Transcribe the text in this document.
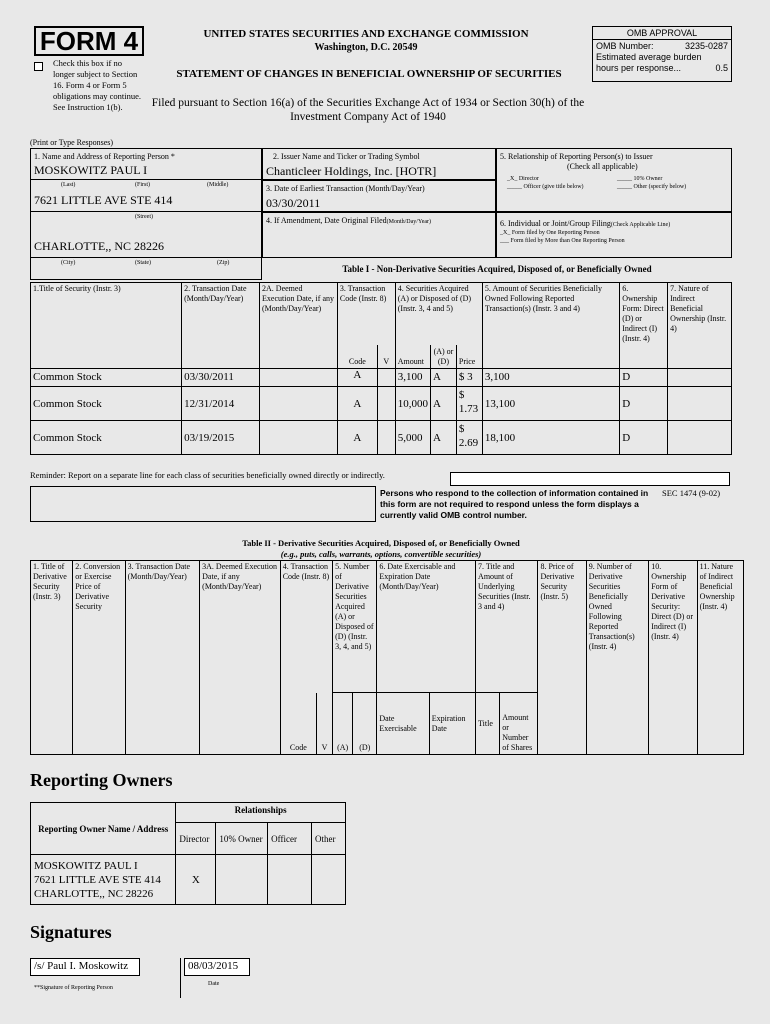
FORM 4
Check this box if no longer subject to Section 16. Form 4 or Form 5 obligations may continue. See Instruction 1(b).
UNITED STATES SECURITIES AND EXCHANGE COMMISSION
Washington, D.C. 20549
STATEMENT OF CHANGES IN BENEFICIAL OWNERSHIP OF SECURITIES
Filed pursuant to Section 16(a) of the Securities Exchange Act of 1934 or Section 30(h) of the Investment Company Act of 1940
OMB APPROVAL
OMB Number:	3235-0287
Estimated average burden
hours per response...	0.5
(Print or Type Responses)
1. Name and Address of Reporting Person *
MOSKOWITZ PAUL I
(Last)	(First)	(Middle)
7621 LITTLE AVE STE 414
(Street)
CHARLOTTE,, NC 28226
(City)	(State)	(Zip)
2. Issuer Name and Ticker or Trading Symbol
Chanticleer Holdings, Inc. [HOTR]
3. Date of Earliest Transaction (Month/Day/Year)
03/30/2011
4. If Amendment, Date Original Filed(Month/Day/Year)
5. Relationship of Reporting Person(s) to Issuer
(Check all applicable)
_X_ Director	_____ 10% Owner
_____ Officer (give title below)	_____ Other (specify below)
6. Individual or Joint/Group Filing(Check Applicable Line)
_X_ Form filed by One Reporting Person
___ Form filed by More than One Reporting Person
Table I - Non-Derivative Securities Acquired, Disposed of, or Beneficially Owned
1.Title of Security (Instr. 3)	2. Transaction Date (Month/Day/Year)	2A. Deemed Execution Date, if any (Month/Day/Year)	3. Transaction Code (Instr. 8)		4. Securities Acquired (A) or Disposed of (D) (Instr. 3, 4 and 5)			5. Amount of Securities Beneficially Owned Following Reported Transaction(s) (Instr. 3 and 4)	6. Ownership Form: Direct (D) or Indirect (I) (Instr. 4)	7. Nature of Indirect Beneficial Ownership (Instr. 4)
			Code	V	Amount	(A) or (D)	Price			
Common Stock	03/30/2011		A		3,100	A	$ 3	3,100	D	
Common Stock	12/31/2014		A		10,000	A	$ 1.73	13,100	D	
Common Stock	03/19/2015		A		5,000	A	$ 2.69	18,100	D	
Reminder: Report on a separate line for each class of securities beneficially owned directly or indirectly.
Persons who respond to the collection of information contained in this form are not required to respond unless the form displays a currently valid OMB control number.
SEC 1474 (9-02)
Table II - Derivative Securities Acquired, Disposed of, or Beneficially Owned
(e.g., puts, calls, warrants, options, convertible securities)
1. Title of Derivative Security (Instr. 3)	2. Conversion or Exercise Price of Derivative Security	3. Transaction Date (Month/Day/Year)	3A. Deemed Execution Date, if any (Month/Day/Year)	4. Transaction Code (Instr. 8)		5. Number of Derivative Securities Acquired (A) or Disposed of (D) (Instr. 3, 4, and 5)		6. Date Exercisable and Expiration Date (Month/Day/Year)		7. Title and Amount of Underlying Securities (Instr. 3 and 4)		8. Price of Derivative Security (Instr. 5)	9. Number of Derivative Securities Beneficially Owned Following Reported Transaction(s) (Instr. 4)	10. Ownership Form of Derivative Security: Direct (D) or Indirect (I) (Instr. 4)	11. Nature of Indirect Beneficial Ownership (Instr. 4)
				Code	V	(A)	(D)	Date Exercisable	Expiration Date	Title	Amount or Number of Shares				
Reporting Owners
Reporting Owner Name / Address	Relationships			
	Director	10% Owner	Officer	Other

MOSKOWITZ PAUL I
7621 LITTLE AVE STE 414
CHARLOTTE,, NC 28226	X			
Signatures
/s/ Paul I. Moskowitz	08/03/2015
**Signature of Reporting Person
Date
